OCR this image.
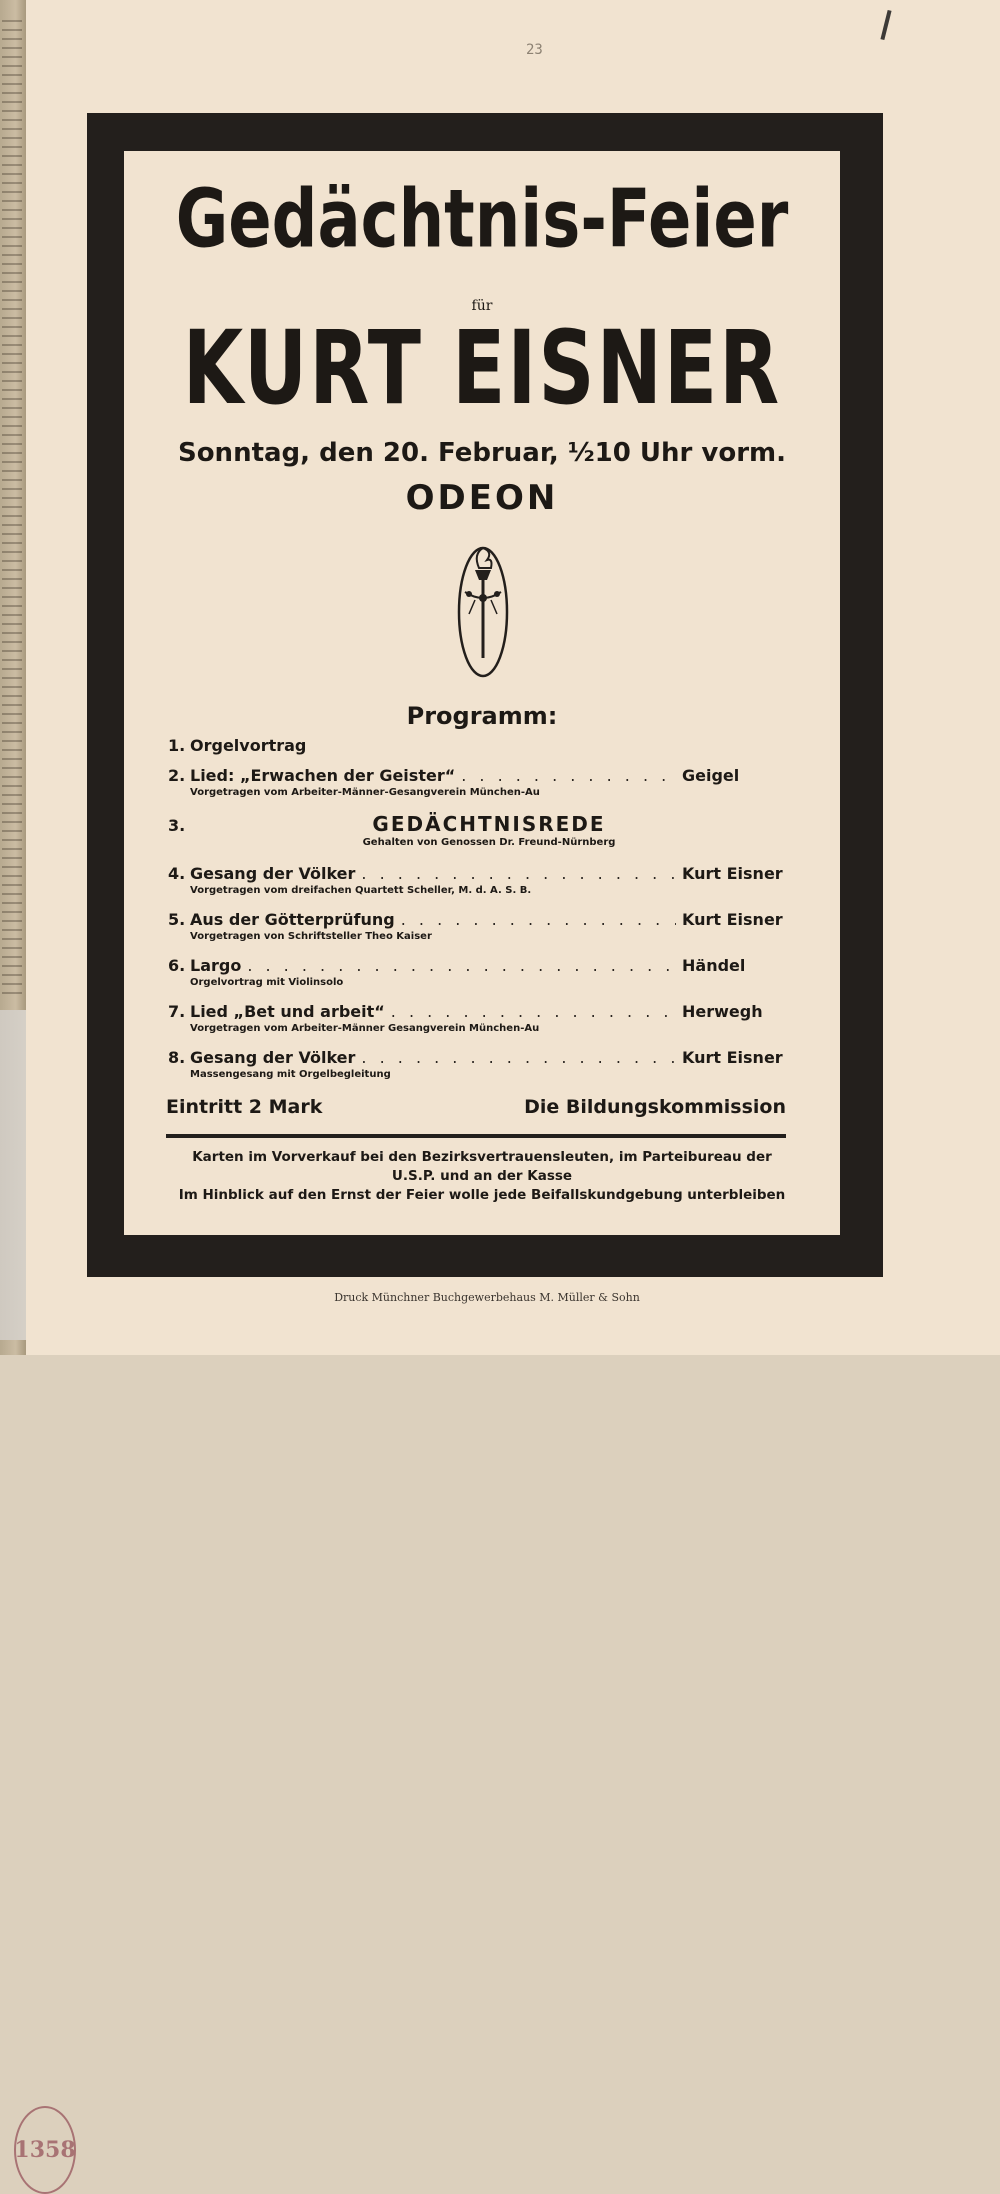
1358
23
Gedächtnis-Feier
für
KURT EISNER
Sonntag, den 20. Februar, ½10 Uhr vorm.
ODEON
Programm:
1. Orgelvortrag
2. Lied: „Erwachen der Geister“ . . .	Geigel
Vorgetragen vom Arbeiter-Männer-Gesangverein München-Au
3.	GEDÄCHTNISREDE
Gehalten von Genossen Dr. Freund-Nürnberg
4. Gesang der Völker . . .	Kurt Eisner
Vorgetragen vom dreifachen Quartett Scheller, M. d. A. S. B.
5. Aus der Götterprüfung . . .	Kurt Eisner
Vorgetragen von Schriftsteller Theo Kaiser
6. Largo . . .	Händel
Orgelvortrag mit Violinsolo
7. Lied „Bet und arbeit“ . . .	Herwegh
Vorgetragen vom Arbeiter-Männer Gesangverein München-Au
8. Gesang der Völker . . .	Kurt Eisner
Massengesang mit Orgelbegleitung
Eintritt 2 Mark	Die Bildungskommission
Karten im Vorverkauf bei den Bezirksvertrauensleuten, im Parteibureau der
U.S.P. und an der Kasse
Im Hinblick auf den Ernst der Feier wolle jede Beifallskundgebung unterbleiben
Druck Münchner Buchgewerbehaus M. Müller & Sohn
